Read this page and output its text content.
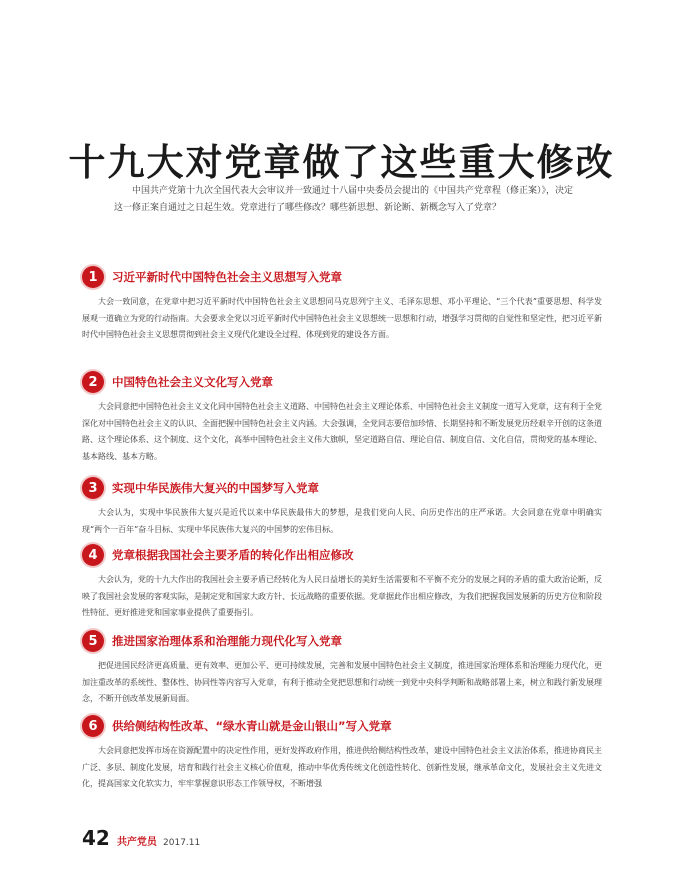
十九大对党章做了这些重大修改

中国共产党第十九次全国代表大会审议并一致通过十八届中央委员会提出的《中国共产党章程（修正案）》，决定这一修正案自通过之日起生效。党章进行了哪些修改？哪些新思想、新论断、新概念写入了党章？

1	习近平新时代中国特色社会主义思想写入党章

大会一致同意，在党章中把习近平新时代中国特色社会主义思想同马克思列宁主义、毛泽东思想、邓小平理论、“三个代表”重要思想、科学发展观一道确立为党的行动指南。大会要求全党以习近平新时代中国特色社会主义思想统一思想和行动，增强学习贯彻的自觉性和坚定性，把习近平新时代中国特色社会主义思想贯彻到社会主义现代化建设全过程、体现到党的建设各方面。

2	中国特色社会主义文化写入党章

大会同意把中国特色社会主义文化同中国特色社会主义道路、中国特色社会主义理论体系、中国特色社会主义制度一道写入党章，这有利于全党深化对中国特色社会主义的认识、全面把握中国特色社会主义内涵。大会强调，全党同志要倍加珍惜、长期坚持和不断发展党历经艰辛开创的这条道路、这个理论体系、这个制度、这个文化，高举中国特色社会主义伟大旗帜，坚定道路自信、理论自信、制度自信、文化自信，贯彻党的基本理论、基本路线、基本方略。

3	实现中华民族伟大复兴的中国梦写入党章

大会认为，实现中华民族伟大复兴是近代以来中华民族最伟大的梦想，是我们党向人民、向历史作出的庄严承诺。大会同意在党章中明确实现“两个一百年”奋斗目标、实现中华民族伟大复兴的中国梦的宏伟目标。

4	党章根据我国社会主要矛盾的转化作出相应修改

大会认为，党的十九大作出的我国社会主要矛盾已经转化为人民日益增长的美好生活需要和不平衡不充分的发展之间的矛盾的重大政治论断，反映了我国社会发展的客观实际，是制定党和国家大政方针、长远战略的重要依据。党章据此作出相应修改，为我们把握我国发展新的历史方位和阶段性特征、更好推进党和国家事业提供了重要指引。

5	推进国家治理体系和治理能力现代化写入党章

把促进国民经济更高质量、更有效率、更加公平、更可持续发展，完善和发展中国特色社会主义制度，推进国家治理体系和治理能力现代化，更加注重改革的系统性、整体性、协同性等内容写入党章，有利于推动全党把思想和行动统一到党中央科学判断和战略部署上来，树立和践行新发展理念，不断开创改革发展新局面。

6	供给侧结构性改革、“绿水青山就是金山银山”写入党章

大会同意把发挥市场在资源配置中的决定性作用，更好发挥政府作用，推进供给侧结构性改革，建设中国特色社会主义法治体系，推进协商民主广泛、多层、制度化发展，培育和践行社会主义核心价值观，推动中华优秀传统文化创造性转化、创新性发展，继承革命文化，发展社会主义先进文化，提高国家文化软实力，牢牢掌握意识形态工作领导权，不断增强

42 共产党员 2017.11
